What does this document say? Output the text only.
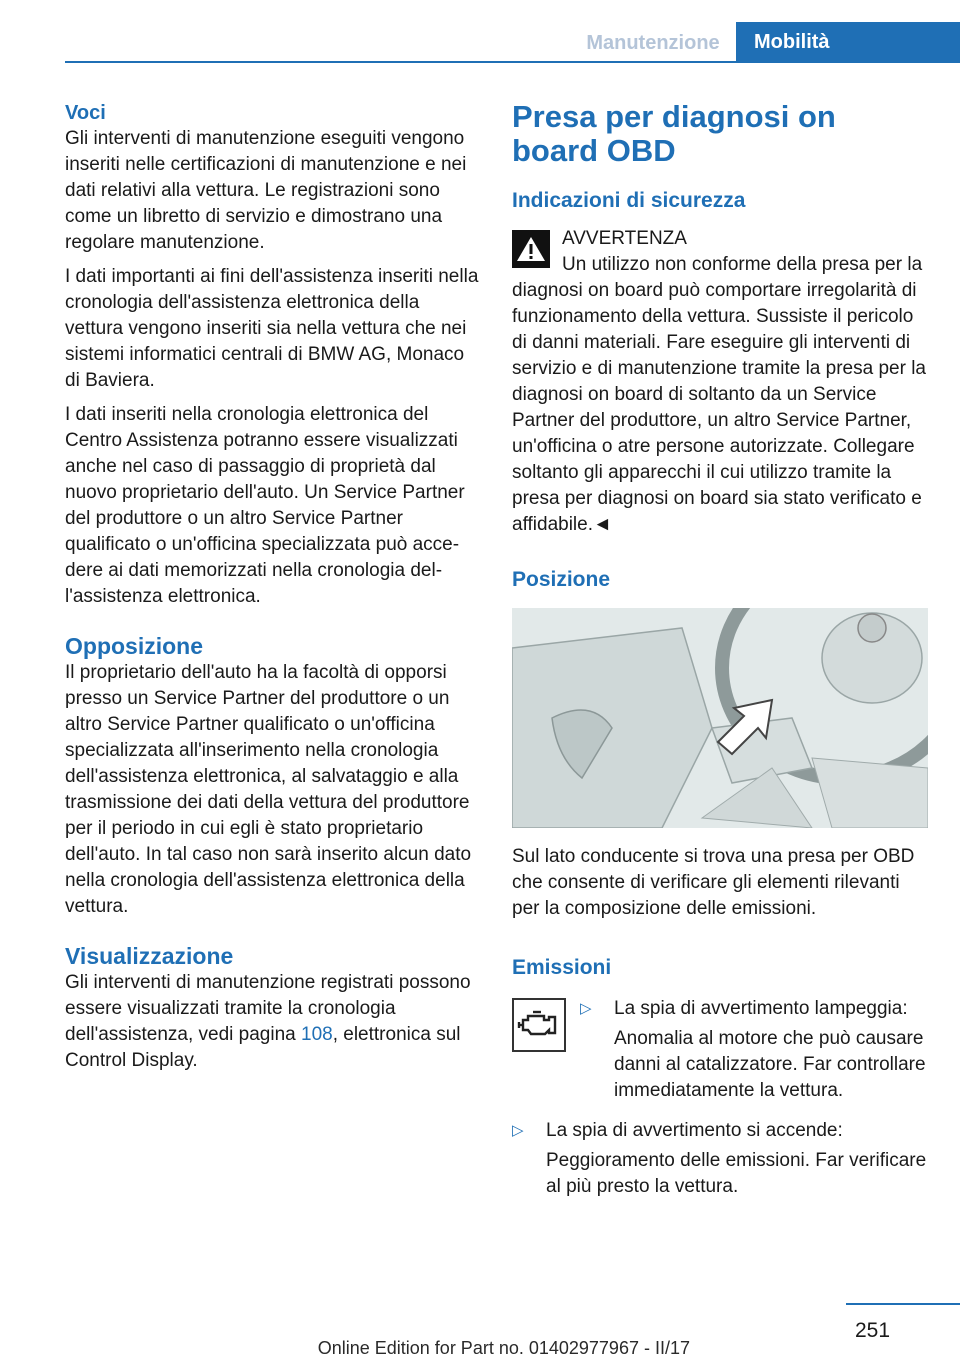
Manutenzione	Mobilità
Voci

Gli interventi di manutenzione eseguiti vengono inseriti nelle certificazioni di manutenzione e nei dati relativi alla vettura. Le registrazioni sono come un libretto di servizio e dimostrano una regolare manutenzione.

I dati importanti ai fini dell'assistenza inseriti nella cronologia dell'assistenza elettronica della vettura vengono inseriti sia nella vettura che nei sistemi informatici centrali di BMW AG, Monaco di Baviera.

I dati inseriti nella cronologia elettronica del Centro Assistenza potranno essere visualizzati anche nel caso di passaggio di proprietà dal nuovo proprietario dell'auto. Un Service Partner del produttore o un altro Service Partner qualificato o un'officina specializzata può accedere ai dati memorizzati nella cronologia dell'assistenza elettronica.

Opposizione

Il proprietario dell'auto ha la facoltà di opporsi presso un Service Partner del produttore o un altro Service Partner qualificato o un'officina specializzata all'inserimento nella cronologia dell'assistenza elettronica, al salvataggio e alla trasmissione dei dati della vettura del produttore per il periodo in cui egli è stato proprietario dell'auto. In tal caso non sarà inserito alcun dato nella cronologia dell'assistenza elettronica della vettura.

Visualizzazione

Gli interventi di manutenzione registrati possono essere visualizzati tramite la cronologia dell'assistenza, vedi pagina 108, elettronica sul Control Display.

Presa per diagnosi on board OBD
Indicazioni di sicurezza
AVVERTENZA

Un utilizzo non conforme della presa per la diagnosi on board può comportare irregolarità di funzionamento della vettura. Sussiste il pericolo di danni materiali. Fare eseguire gli interventi di servizio e di manutenzione tramite la presa per la diagnosi on board di soltanto da un Service Partner del produttore, un altro Service Partner, un'officina o atre persone autorizzate. Collegare soltanto gli apparecchi il cui utilizzo tramite la presa per diagnosi on board sia stato verificato e affidabile.◄

Posizione

Sul lato conducente si trova una presa per OBD che consente di verificare gli elementi rilevanti per la composizione delle emissioni.

Emissioni
▷ La spia di avvertimento lampeggia:
Anomalia al motore che può causare danni al catalizzatore. Far controllare immediatamente la vettura.
▷ La spia di avvertimento si accende:
Peggioramento delle emissioni. Far verificare al più presto la vettura.
251
Online Edition for Part no. 01402977967 - II/17
